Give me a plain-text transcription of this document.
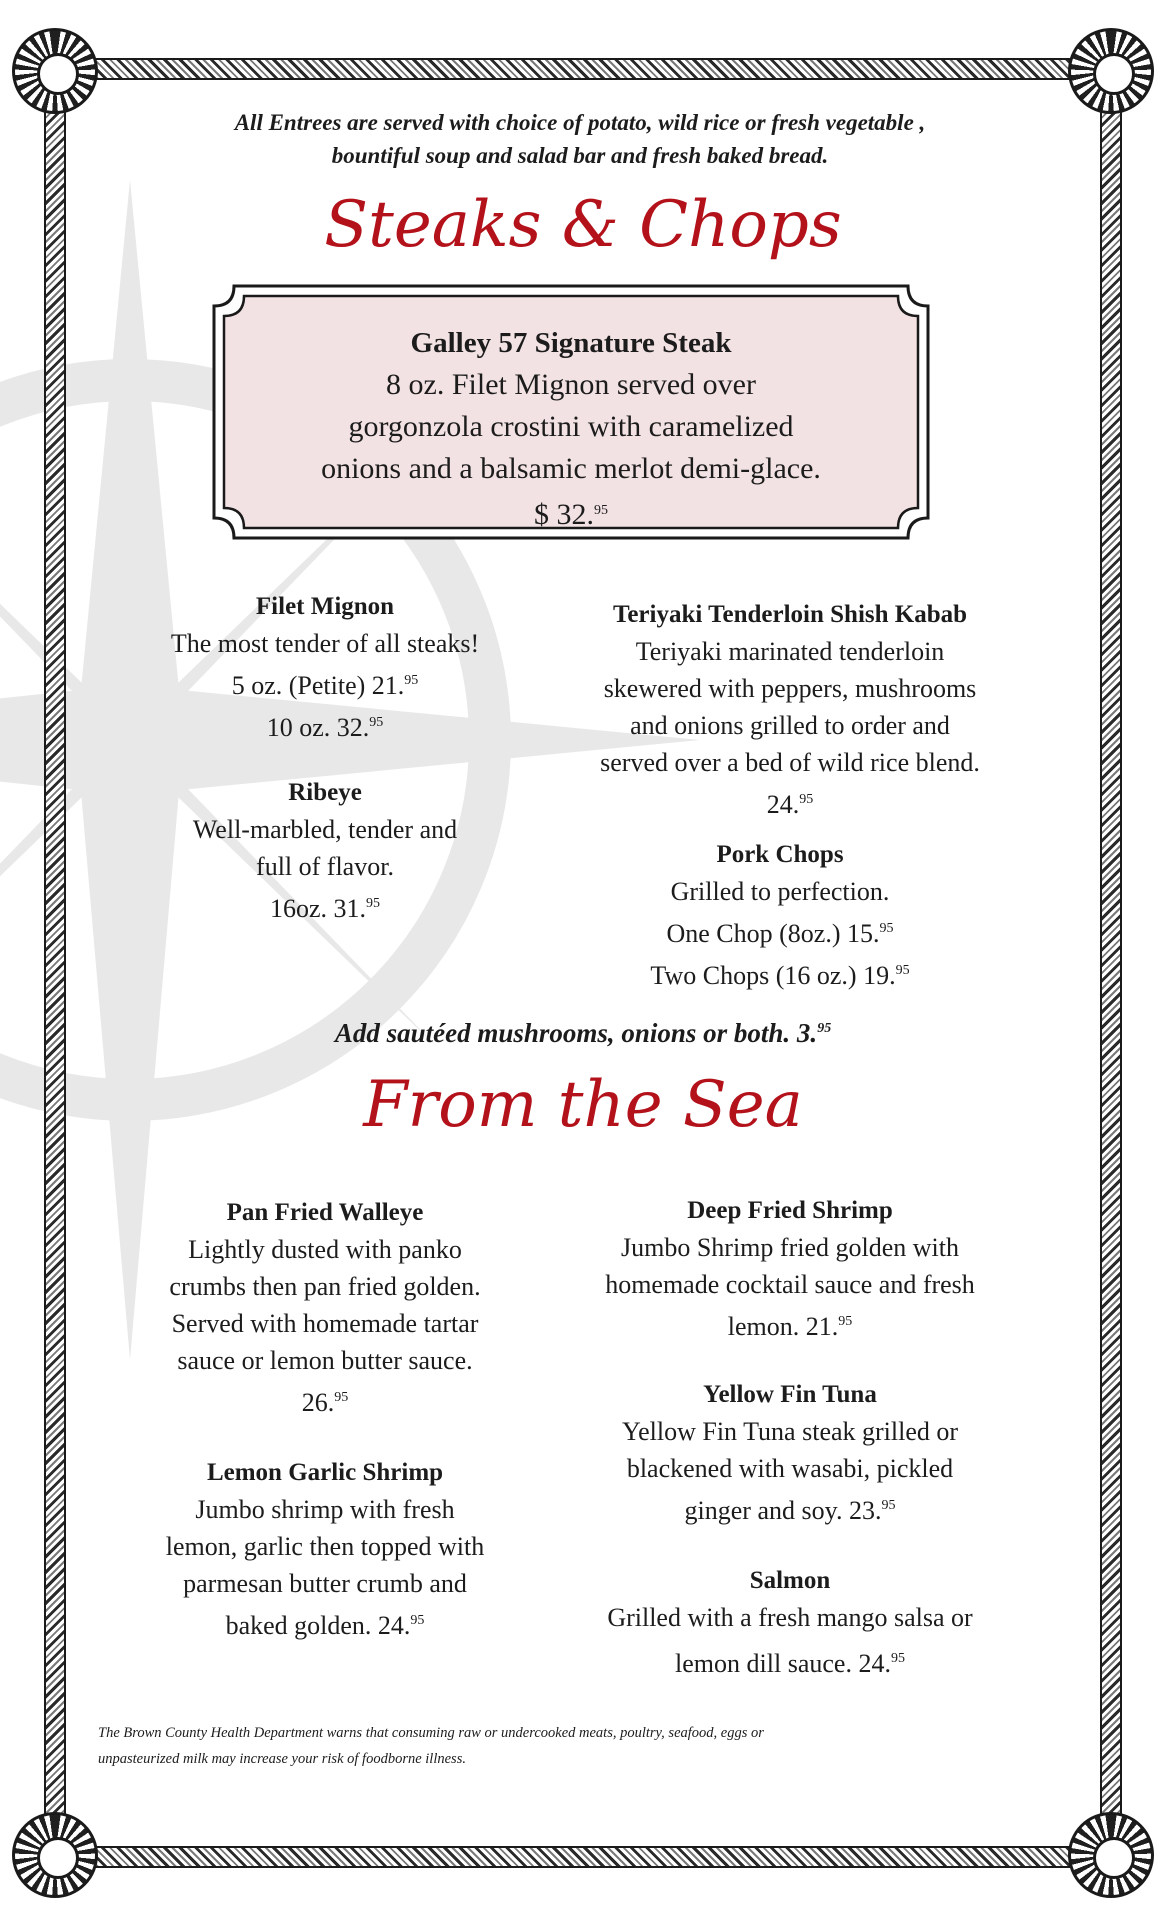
All Entrees are served with choice of potato, wild rice or fresh vegetable ,
bountiful soup and salad bar and fresh baked bread.
Steaks & Chops
Galley 57 Signature Steak
8 oz. Filet Mignon served over
gorgonzola crostini with caramelized
onions and a balsamic merlot demi-glace.
$ 32.95
Filet Mignon
The most tender of all steaks!
5 oz. (Petite) 21.95
10 oz. 32.95
Ribeye
Well-marbled, tender and
full of flavor.
16oz. 31.95
Teriyaki Tenderloin Shish Kabab
Teriyaki marinated tenderloin
skewered with peppers, mushrooms
and onions grilled to order and
served over a bed of wild rice blend.
24.95
Pork Chops
Grilled to perfection.
One Chop (8oz.) 15.95
Two Chops (16 oz.) 19.95
Add sautéed mushrooms, onions or both. 3.95
From the Sea
Pan Fried Walleye
Lightly dusted with panko
crumbs then pan fried golden.
Served with homemade tartar
sauce or lemon butter sauce.
26.95
Lemon Garlic Shrimp
Jumbo shrimp with fresh
lemon, garlic then topped with
parmesan butter crumb and
baked golden. 24.95
Deep Fried Shrimp
Jumbo Shrimp fried golden with
homemade cocktail sauce and fresh
lemon. 21.95
Yellow Fin Tuna
Yellow Fin Tuna steak grilled or
blackened with wasabi, pickled
ginger and soy. 23.95
Salmon
Grilled with a fresh mango salsa or
lemon dill sauce. 24.95
The Brown County Health Department warns that consuming raw or undercooked meats, poultry, seafood, eggs or
unpasteurized milk may increase your risk of foodborne illness.
